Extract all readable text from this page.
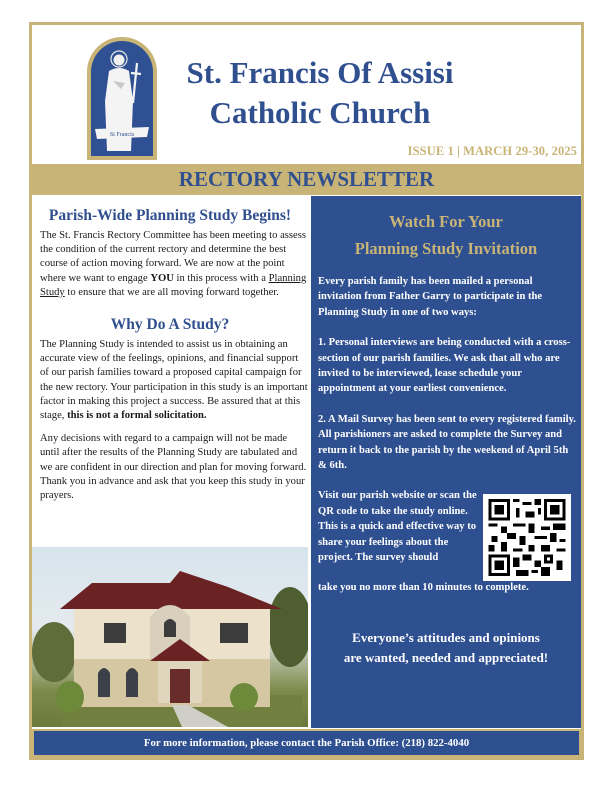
St Francis
St. Francis Of Assisi
Catholic Church
ISSUE 1 | MARCH 29-30, 2025
RECTORY NEWSLETTER
Parish-Wide Planning Study Begins!

The St. Francis Rectory Committee has been meeting to assess the condition of the current rectory and determine the best course of action moving forward. We are now at the point where we want to engage YOU in this process with a Planning Study to ensure that we are all moving forward together.

Why Do A Study?

The Planning Study is intended to assist us in obtaining an accurate view of the feelings, opinions, and financial support of our parish families toward a proposed capital campaign for the new rectory. Your participation in this study is an important factor in making this project a success. Be assured that at this stage, this is not a formal solicitation.

Any decisions with regard to a campaign will not be made until after the results of the Planning Study are tabulated and we are confident in our direction and plan for moving forward. Thank you in advance and ask that you keep this study in your prayers.

Watch For Your
Planning Study Invitation

Every parish family has been mailed a personal invitation from Father Garry to participate in the Planning Study in one of two ways:

1. Personal interviews are being conducted with a cross-section of our parish families. We ask that all who are invited to be interviewed, lease schedule your appointment at your earliest convenience.

2. A Mail Survey has been sent to every registered family. All parishioners are asked to complete the Survey and return it back to the parish by the weekend of April 5th & 6th.

Visit our parish website or scan the QR code to take the study online. This is a quick and effective way to share your feelings about the project. The survey should
take you no more than 10 minutes to complete.
Everyone’s attitudes and opinions
are wanted, needed and appreciated!
For more information, please contact the Parish Office: (218) 822-4040
